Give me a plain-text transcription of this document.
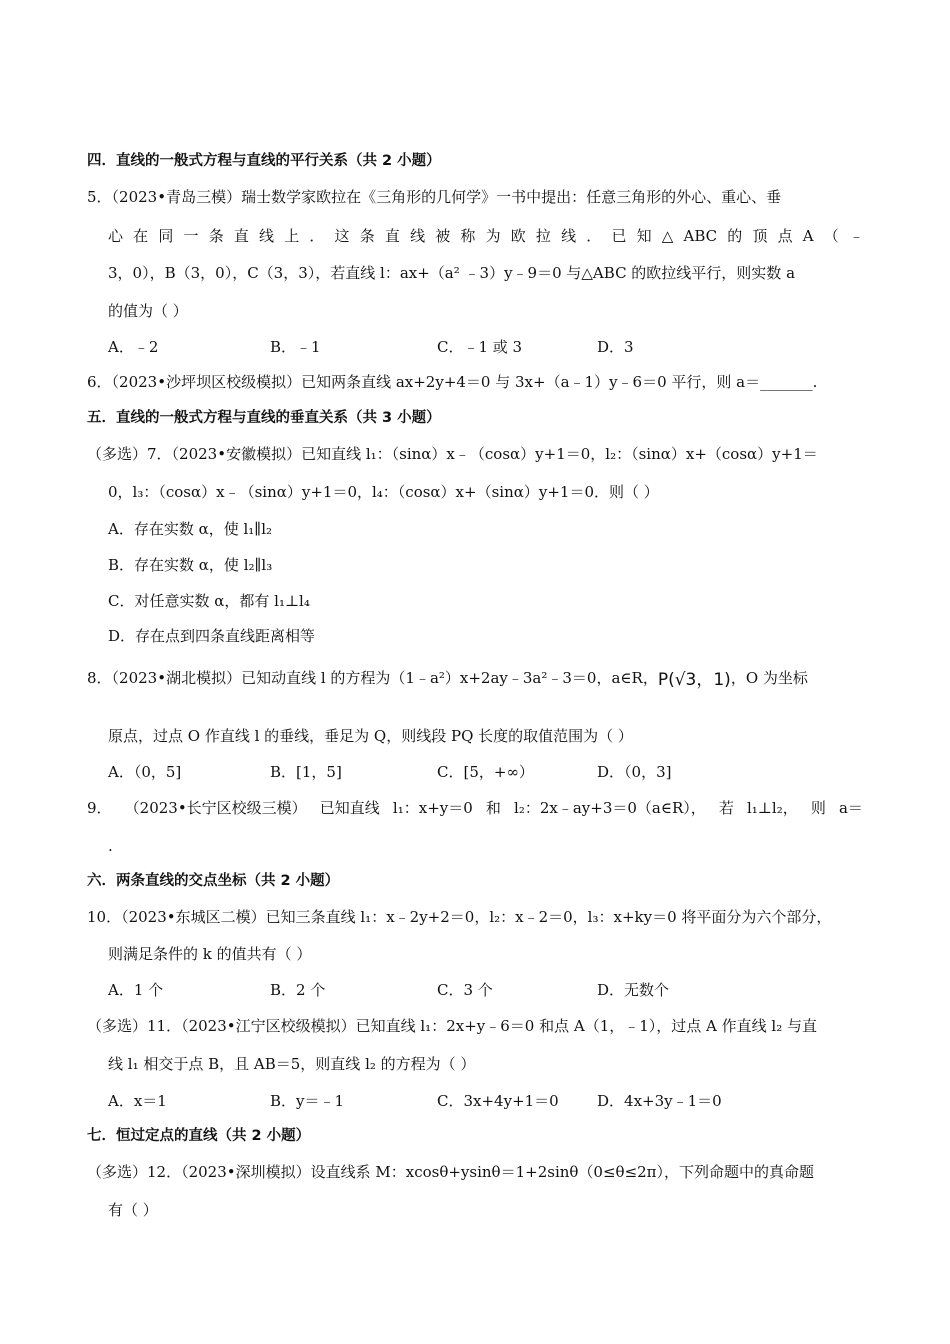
四．直线的一般式方程与直线的平行关系（共 2 小题）
5．（2023•青岛三模）瑞士数学家欧拉在《三角形的几何学》一书中提出：任意三角形的外心、重心、垂
心 在 同 一 条 直 线 上 ． 这 条 直 线 被 称 为 欧 拉 线 ． 已 知 △ ABC 的 顶 点 A （ ﹣
3，0），B（3，0），C（3，3），若直线 l：ax+（a² ﹣3）y﹣9＝0 与△ABC 的欧拉线平行，则实数 a
的值为（ ）
A．﹣2	B．﹣1	C．﹣1 或 3	D．3
6．（2023•沙坪坝区校级模拟）已知两条直线 ax+2y+4＝0 与 3x+（a﹣1）y﹣6＝0 平行，则 a＝_______.
五．直线的一般式方程与直线的垂直关系（共 3 小题）
（多选）7．（2023•安徽模拟）已知直线 l₁：（sinα）x﹣（cosα）y+1＝0，l₂：（sinα）x+（cosα）y+1＝
0，l₃：（cosα）x﹣（sinα）y+1＝0，l₄：（cosα）x+（sinα）y+1＝0．则（ ）
A．存在实数 α，使 l₁∥l₂
B．存在实数 α，使 l₂∥l₃
C．对任意实数 α，都有 l₁⊥l₄
D．存在点到四条直线距离相等
8．（2023•湖北模拟）已知动直线 l 的方程为（1﹣a²）x+2ay﹣3a²﹣3＝0，a∈R，P(√3，1)，O 为坐标
原点，过点 O 作直线 l 的垂线，垂足为 Q，则线段 PQ 长度的取值范围为（ ）
A．（0，5]	B．[1，5]	C．[5，+∞）	D．（0，3]
9． （2023•长宁区校级三模） 已知直线 l₁：x+y＝0 和 l₂：2x﹣ay+3＝0（a∈R）， 若 l₁⊥l₂， 则 a＝
.
六．两条直线的交点坐标（共 2 小题）
10．（2023•东城区二模）已知三条直线 l₁：x﹣2y+2＝0，l₂：x﹣2＝0，l₃：x+ky＝0 将平面分为六个部分，
则满足条件的 k 的值共有（ ）
A．1 个	B．2 个	C．3 个	D．无数个
（多选）11．（2023•江宁区校级模拟）已知直线 l₁：2x+y﹣6＝0 和点 A（1，﹣1），过点 A 作直线 l₂ 与直
线 l₁ 相交于点 B，且 AB＝5，则直线 l₂ 的方程为（ ）
A．x＝1	B．y＝﹣1	C．3x+4y+1＝0	D．4x+3y﹣1＝0
七．恒过定点的直线（共 2 小题）
（多选）12．（2023•深圳模拟）设直线系 M：xcosθ+ysinθ＝1+2sinθ（0≤θ≤2π），下列命题中的真命题
有（ ）
